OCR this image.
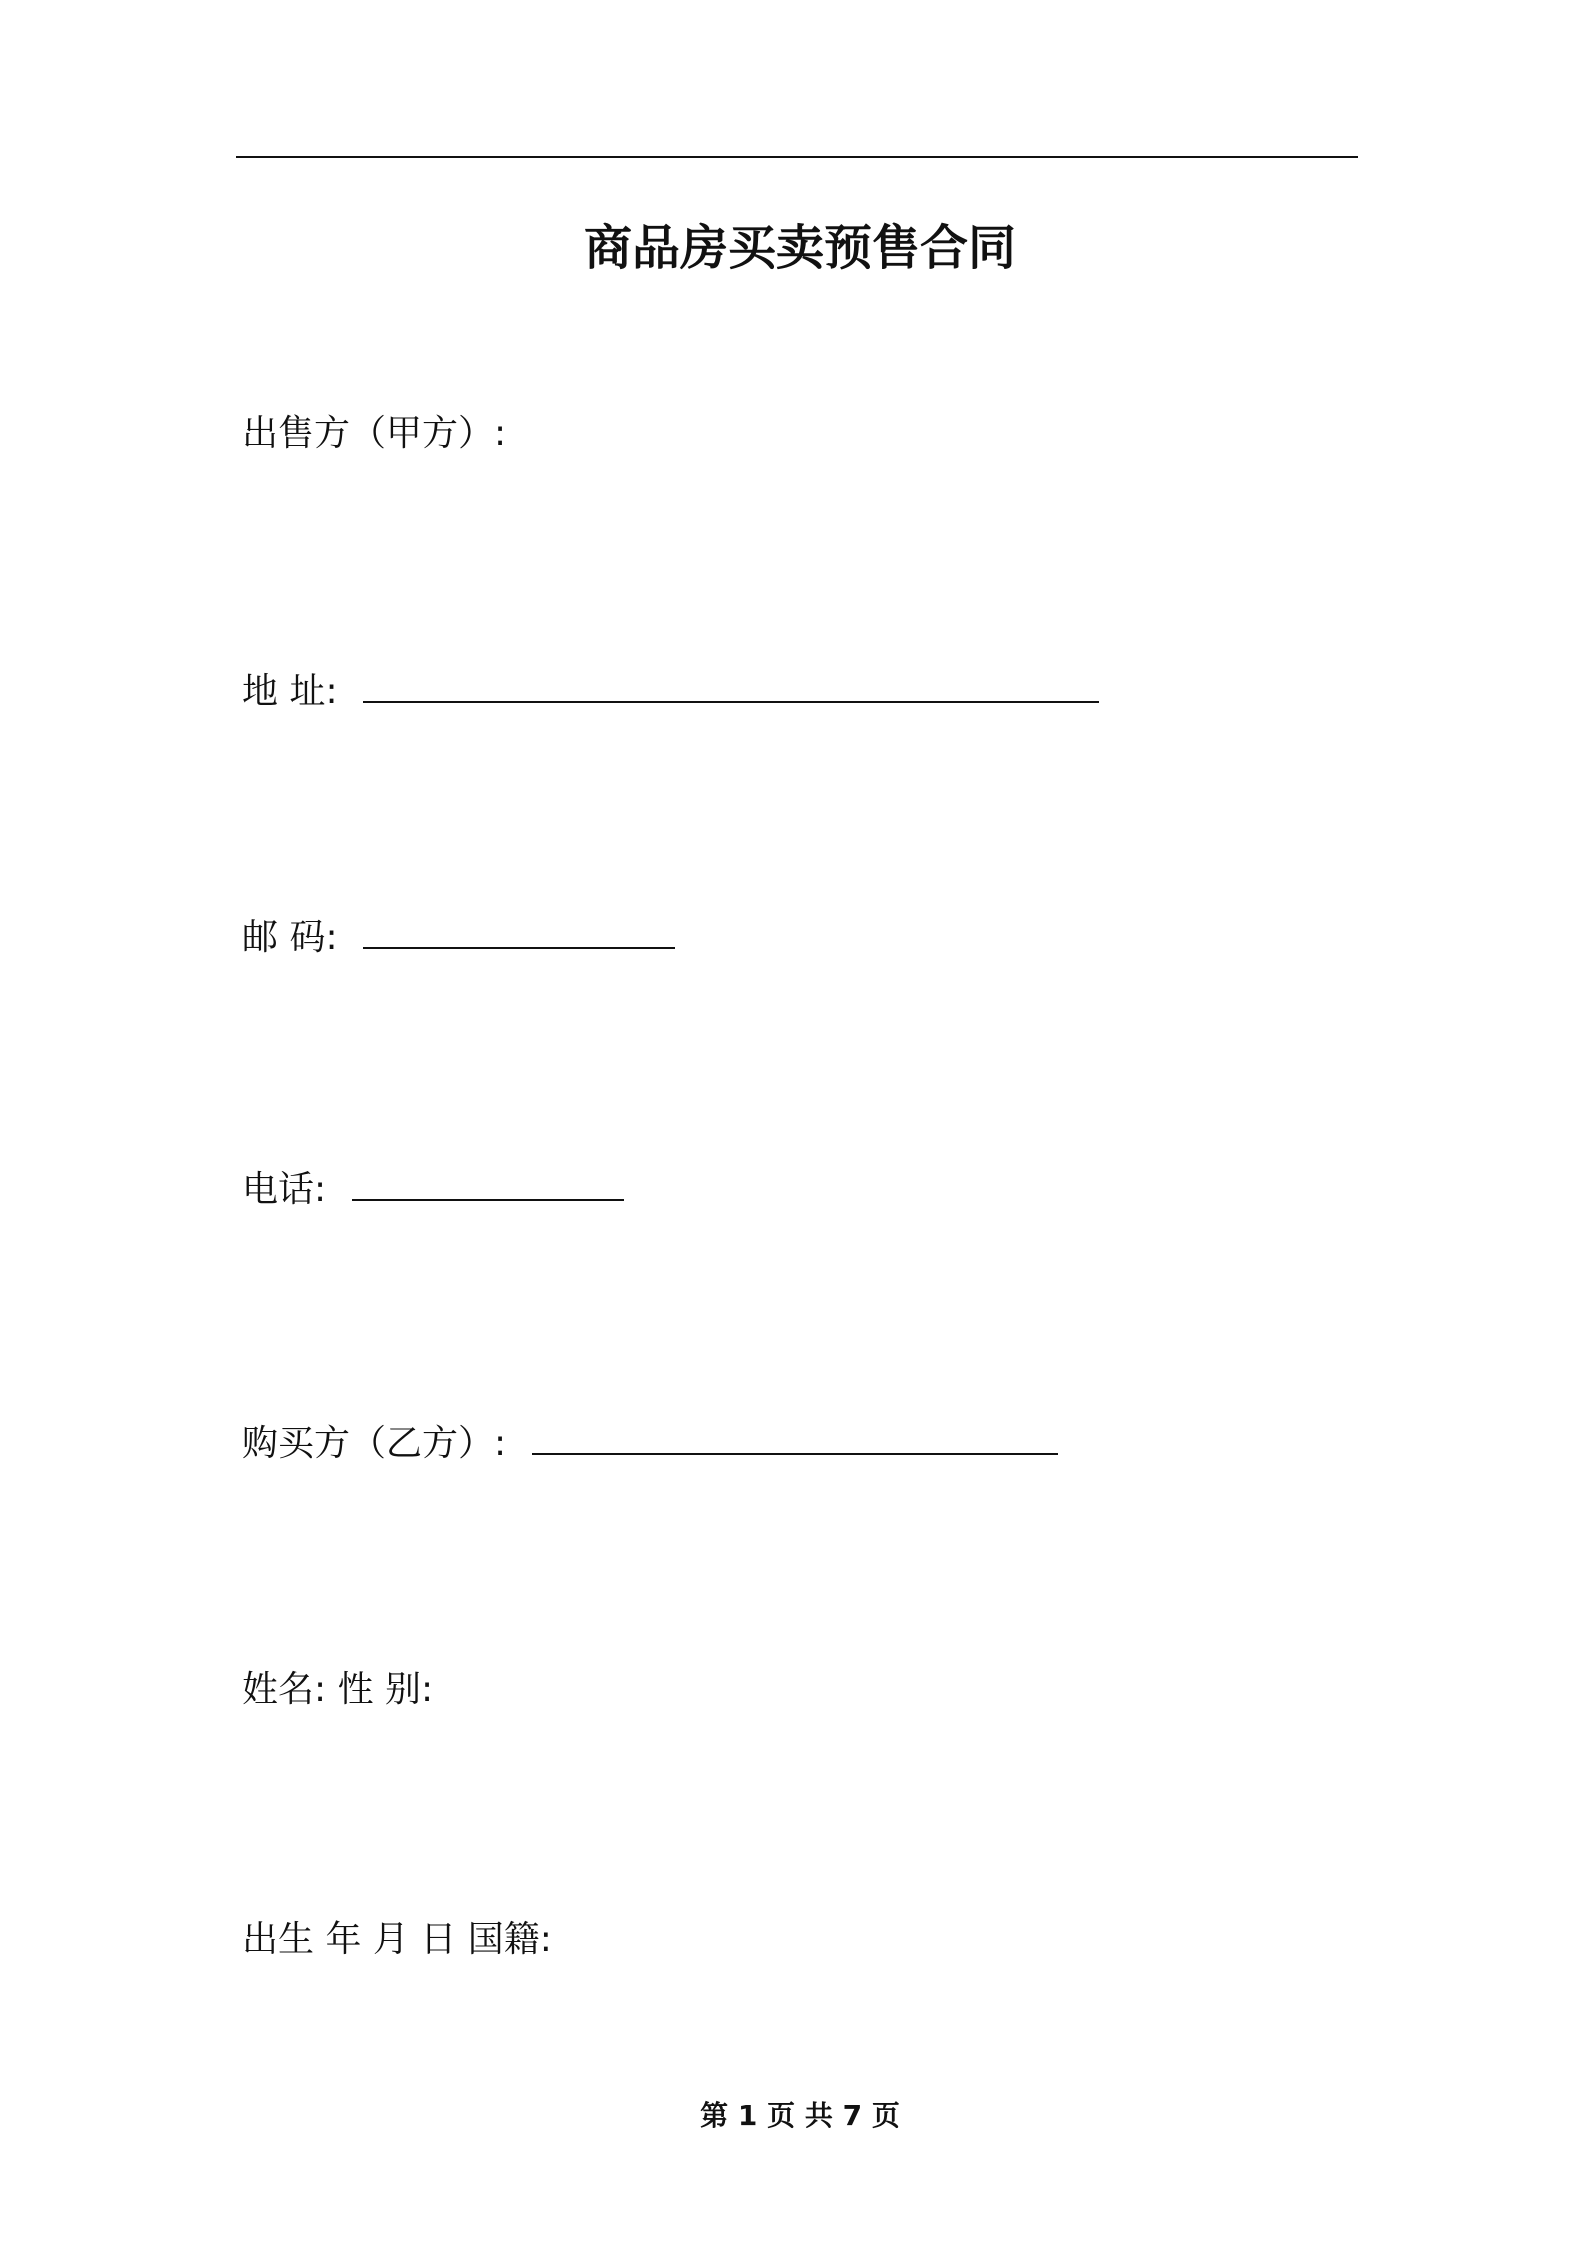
商品房买卖预售合同
出售方（甲方）:
地 址:
邮 码:
电话:
购买方（乙方）:
姓名: 性 别:
出生 年 月 日 国籍:
第 1 页 共 7 页
